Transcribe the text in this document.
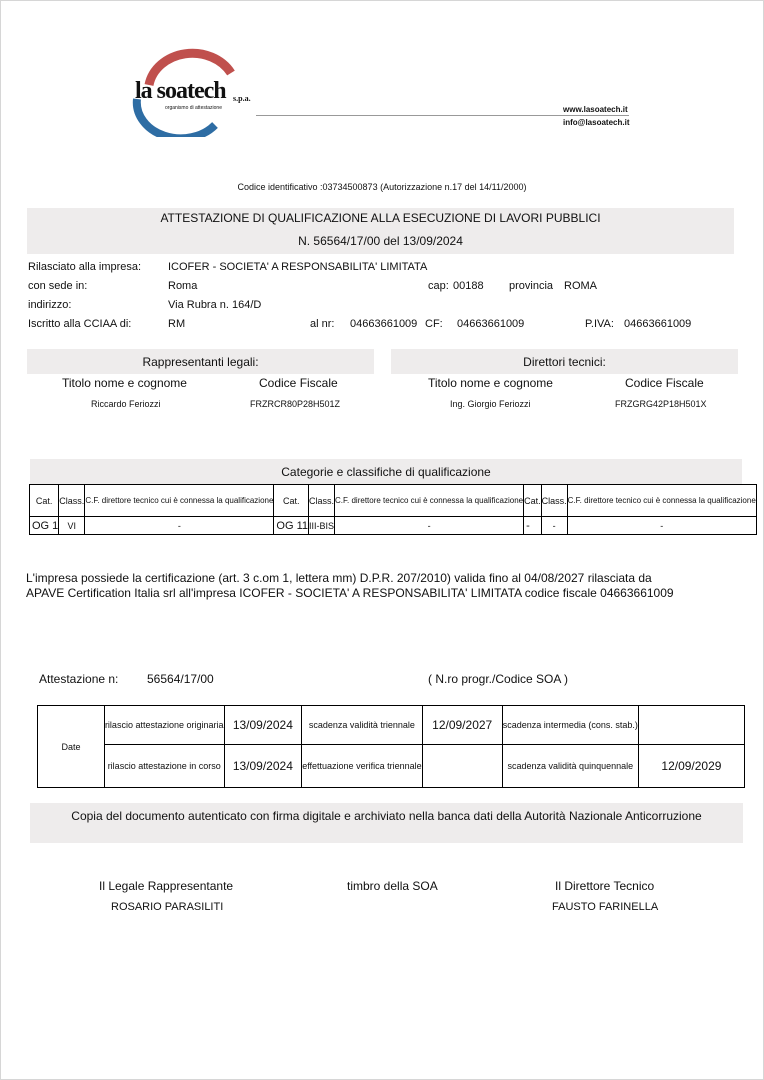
la soatech s.p.a.
organismo di attestazione	www.lasoatech.it
info@lasoatech.it
Codice identificativo :03734500873 (Autorizzazione n.17 del 14/11/2000)
ATTESTAZIONE DI QUALIFICAZIONE ALLA ESECUZIONE DI LAVORI PUBBLICI
N. 56564/17/00 del 13/09/2024
Rilasciato alla impresa: ICOFER - SOCIETA' A RESPONSABILITA' LIMITATA
con sede in:	Roma	cap: 00188 provincia ROMA
indirizzo:	Via Rubra n. 164/D
Iscritto alla CCIAA di:	RM	al nr: 04663661009 CF: 04663661009	P.IVA: 04663661009
Rappresentanti legali:
Titolo nome e cognome	Codice Fiscale
Riccardo Feriozzi	FRZRCR80P28H501Z
Direttori tecnici:
Titolo nome e cognome	Codice Fiscale
Ing. Giorgio Feriozzi	FRZGRG42P18H501X
Categorie e classifiche di qualificazione
Cat.	Class.	C.F. direttore tecnico cui è connessa la qualificazione	Cat.	Class.	C.F. direttore tecnico cui è connessa la qualificazione	Cat.	Class.	C.F. direttore tecnico cui è connessa la qualificazione
OG 1	VI	-	OG 11	III-BIS	-	-	-	-
L'impresa possiede la certificazione (art. 3 c.om 1, lettera mm) D.P.R. 207/2010) valida fino al 04/08/2027 rilasciata da
APAVE Certification Italia srl all'impresa ICOFER - SOCIETA' A RESPONSABILITA' LIMITATA codice fiscale 04663661009
Attestazione n: 56564/17/00	( N.ro progr./Codice SOA )
Date	rilascio attestazione originaria	13/09/2024	scadenza validità triennale	12/09/2027	scadenza intermedia (cons. stab.)	
	rilascio attestazione in corso	13/09/2024	effettuazione verifica triennale		scadenza validità quinquennale	12/09/2029
Copia del documento autenticato con firma digitale e archiviato nella banca dati della Autorità Nazionale Anticorruzione
Il Legale Rappresentante
ROSARIO PARASILITI
timbro della SOA	Il Direttore Tecnico
FAUSTO FARINELLA
